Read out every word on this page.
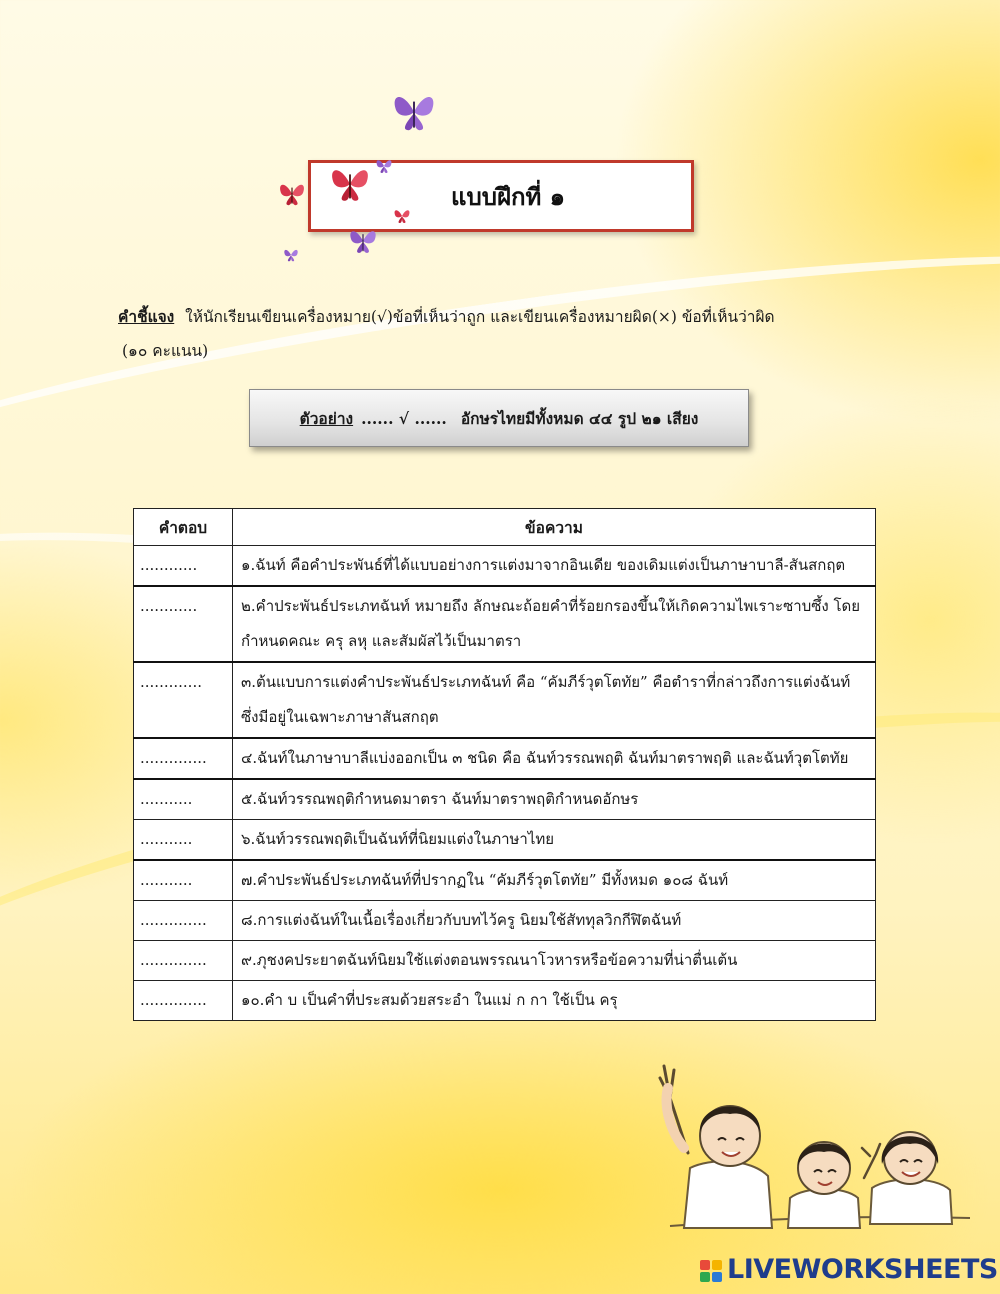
แบบฝึกที่ ๑
คำชี้แจง ให้นักเรียนเขียนเครื่องหมาย(√)ข้อที่เห็นว่าถูก และเขียนเครื่องหมายผิด(×) ข้อที่เห็นว่าผิด
(๑๐ คะแนน)
ตัวอย่าง ...... √ ...... อักษรไทยมีทั้งหมด ๔๔ รูป ๒๑ เสียง
คำตอบ	ข้อความ
............	๑.ฉันท์ คือคำประพันธ์ที่ได้แบบอย่างการแต่งมาจากอินเดีย ของเดิมแต่งเป็นภาษาบาลี-สันสกฤต
............	๒.คำประพันธ์ประเภทฉันท์ หมายถึง ลักษณะถ้อยคำที่ร้อยกรองขึ้นให้เกิดความไพเราะซาบซึ้ง โดยกำหนดคณะ ครุ ลหุ และสัมผัสไว้เป็นมาตรา
.............	๓.ต้นแบบการแต่งคำประพันธ์ประเภทฉันท์ คือ “คัมภีร์วุตโตทัย” คือตำราที่กล่าวถึงการแต่งฉันท์ ซึ่งมีอยู่ในเฉพาะภาษาสันสกฤต
..............	๔.ฉันท์ในภาษาบาลีแบ่งออกเป็น ๓ ชนิด คือ ฉันท์วรรณพฤติ ฉันท์มาตราพฤติ และฉันท์วุตโตทัย
...........	๕.ฉันท์วรรณพฤติกำหนดมาตรา ฉันท์มาตราพฤติกำหนดอักษร
...........	๖.ฉันท์วรรณพฤติเป็นฉันท์ที่นิยมแต่งในภาษาไทย
...........	๗.คำประพันธ์ประเภทฉันท์ที่ปรากฏใน “คัมภีร์วุตโตทัย” มีทั้งหมด ๑๐๘ ฉันท์
..............	๘.การแต่งฉันท์ในเนื้อเรื่องเกี่ยวกับบทไว้ครู นิยมใช้สัททุลวิกกีฬิตฉันท์
..............	๙.ภุชงคประยาตฉันท์นิยมใช้แต่งตอนพรรณนาโวหารหรือข้อความที่น่าตื่นเต้น
..............	๑๐.คำ บ เป็นคำที่ประสมด้วยสระอำ ในแม่ ก กา ใช้เป็น ครุ
LIVEWORKSHEETS
